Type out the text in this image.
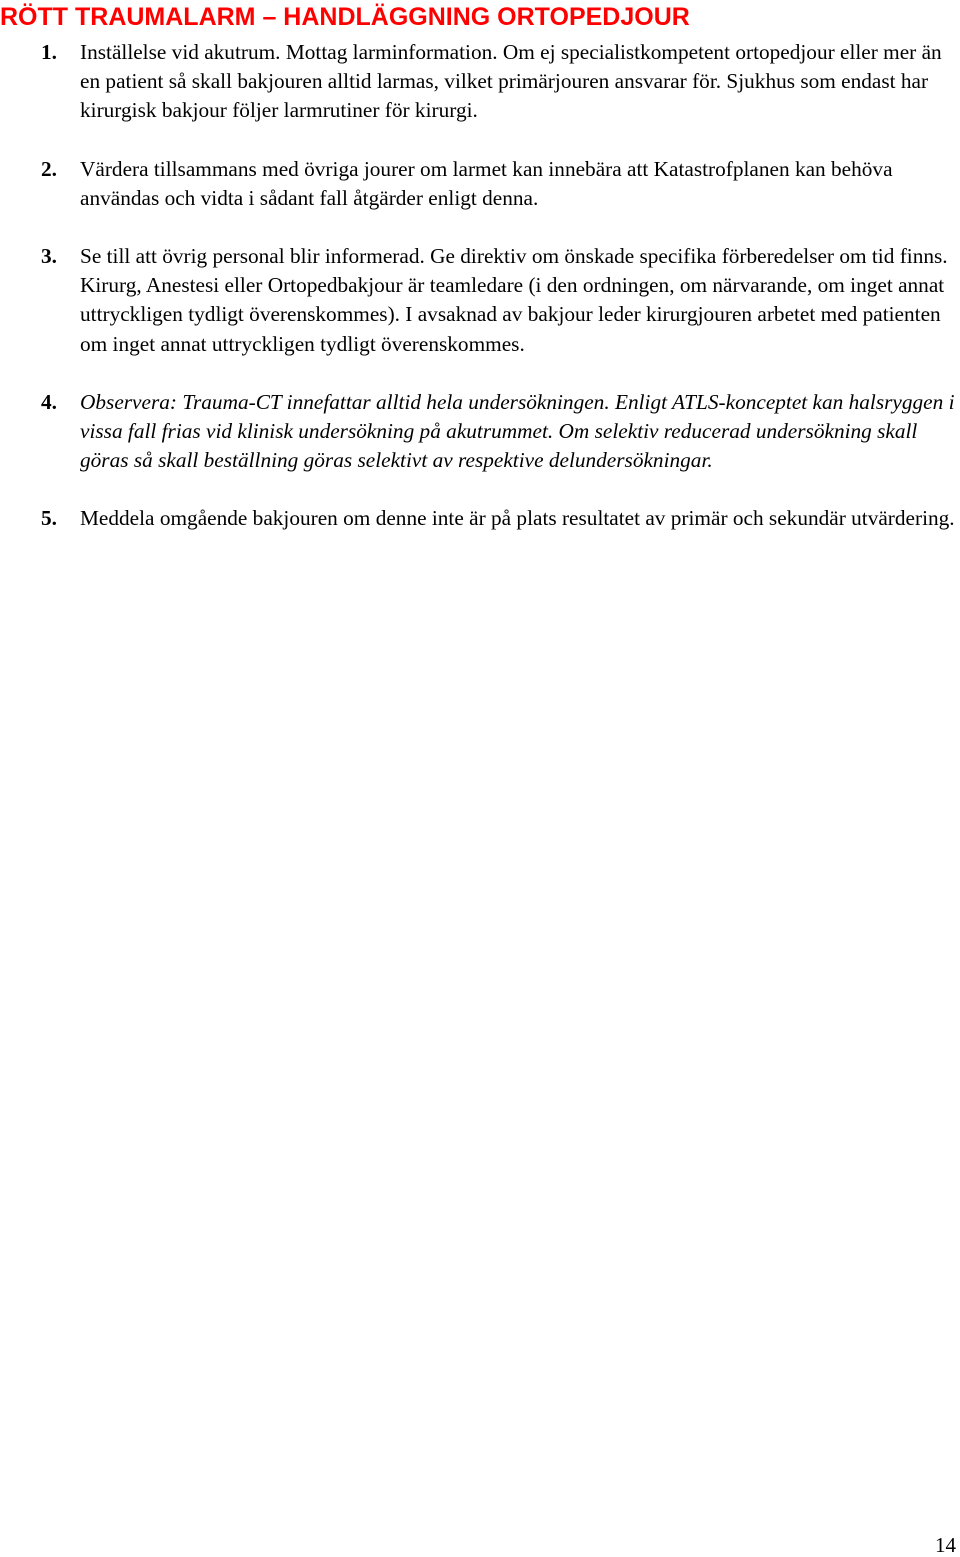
RÖTT TRAUMALARM – HANDLÄGGNING ORTOPEDJOUR
1. Inställelse vid akutrum. Mottag larminformation. Om ej specialistkompetent ortopedjour eller mer än en patient så skall bakjouren alltid larmas, vilket primärjouren ansvarar för. Sjukhus som endast har kirurgisk bakjour följer larmrutiner för kirurgi.

2. Värdera tillsammans med övriga jourer om larmet kan innebära att Katastrofplanen kan behöva användas och vidta i sådant fall åtgärder enligt denna.

3. Se till att övrig personal blir informerad. Ge direktiv om önskade specifika förberedelser om tid finns. Kirurg, Anestesi eller Ortopedbakjour är teamledare (i den ordningen, om närvarande, om inget annat uttryckligen tydligt överenskommes). I avsaknad av bakjour leder kirurgjouren arbetet med patienten om inget annat uttryckligen tydligt överenskommes.

4. Observera: Trauma-CT innefattar alltid hela undersökningen. Enligt ATLS-konceptet kan halsryggen i vissa fall frias vid klinisk undersökning på akutrummet. Om selektiv reducerad undersökning skall göras så skall beställning göras selektivt av respektive delundersökningar.

5. Meddela omgående bakjouren om denne inte är på plats resultatet av primär och sekundär utvärdering.

14
